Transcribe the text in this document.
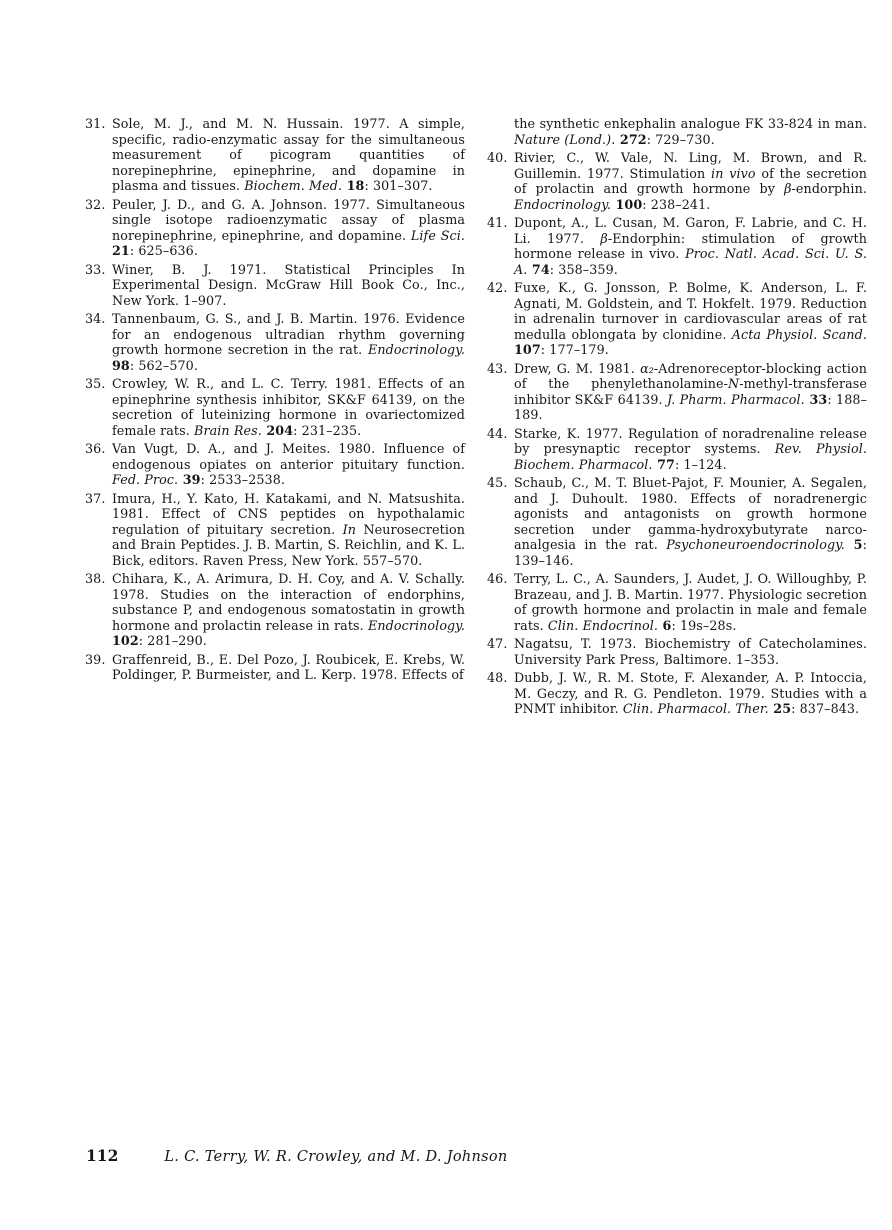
31. Sole, M. J., and M. N. Hussain. 1977. A simple, specific, radio-enzymatic assay for the simultaneous measurement of picogram quantities of norepinephrine, epinephrine, and dopamine in plasma and tissues. Biochem. Med. 18: 301–307.
32. Peuler, J. D., and G. A. Johnson. 1977. Simultaneous single isotope radioenzymatic assay of plasma norepinephrine, epinephrine, and dopamine. Life Sci. 21: 625–636.
33. Winer, B. J. 1971. Statistical Principles In Experimental Design. McGraw Hill Book Co., Inc., New York. 1–907.
34. Tannenbaum, G. S., and J. B. Martin. 1976. Evidence for an endogenous ultradian rhythm governing growth hormone secretion in the rat. Endocrinology. 98: 562–570.
35. Crowley, W. R., and L. C. Terry. 1981. Effects of an epinephrine synthesis inhibitor, SK&F 64139, on the secretion of luteinizing hormone in ovariectomized female rats. Brain Res. 204: 231–235.
36. Van Vugt, D. A., and J. Meites. 1980. Influence of endogenous opiates on anterior pituitary function. Fed. Proc. 39: 2533–2538.
37. Imura, H., Y. Kato, H. Katakami, and N. Matsushita. 1981. Effect of CNS peptides on hypothalamic regulation of pituitary secretion. In Neurosecretion and Brain Peptides. J. B. Martin, S. Reichlin, and K. L. Bick, editors. Raven Press, New York. 557–570.
38. Chihara, K., A. Arimura, D. H. Coy, and A. V. Schally. 1978. Studies on the interaction of endorphins, substance P, and endogenous somatostatin in growth hormone and prolactin release in rats. Endocrinology. 102: 281–290.
39. Graffenreid, B., E. Del Pozo, J. Roubicek, E. Krebs, W. Poldinger, P. Burmeister, and L. Kerp. 1978. Effects of
the synthetic enkephalin analogue FK 33-824 in man. Nature (Lond.). 272: 729–730.
40. Rivier, C., W. Vale, N. Ling, M. Brown, and R. Guillemin. 1977. Stimulation in vivo of the secretion of prolactin and growth hormone by β-endorphin. Endocrinology. 100: 238–241.
41. Dupont, A., L. Cusan, M. Garon, F. Labrie, and C. H. Li. 1977. β-Endorphin: stimulation of growth hormone release in vivo. Proc. Natl. Acad. Sci. U. S. A. 74: 358–359.
42. Fuxe, K., G. Jonsson, P. Bolme, K. Anderson, L. F. Agnati, M. Goldstein, and T. Hokfelt. 1979. Reduction in adrenalin turnover in cardiovascular areas of rat medulla oblongata by clonidine. Acta Physiol. Scand. 107: 177–179.
43. Drew, G. M. 1981. α₂-Adrenoreceptor-blocking action of the phenylethanolamine-N-methyl-transferase inhibitor SK&F 64139. J. Pharm. Pharmacol. 33: 188–189.
44. Starke, K. 1977. Regulation of noradrenaline release by presynaptic receptor systems. Rev. Physiol. Biochem. Pharmacol. 77: 1–124.
45. Schaub, C., M. T. Bluet-Pajot, F. Mounier, A. Segalen, and J. Duhoult. 1980. Effects of noradrenergic agonists and antagonists on growth hormone secretion under gamma-hydroxybutyrate narco-analgesia in the rat. Psychoneuroendocrinology. 5: 139–146.
46. Terry, L. C., A. Saunders, J. Audet, J. O. Willoughby, P. Brazeau, and J. B. Martin. 1977. Physiologic secretion of growth hormone and prolactin in male and female rats. Clin. Endocrinol. 6: 19s–28s.
47. Nagatsu, T. 1973. Biochemistry of Catecholamines. University Park Press, Baltimore. 1–353.
48. Dubb, J. W., R. M. Stote, F. Alexander, A. P. Intoccia, M. Geczy, and R. G. Pendleton. 1979. Studies with a PNMT inhibitor. Clin. Pharmacol. Ther. 25: 837–843.
112	L. C. Terry, W. R. Crowley, and M. D. Johnson
